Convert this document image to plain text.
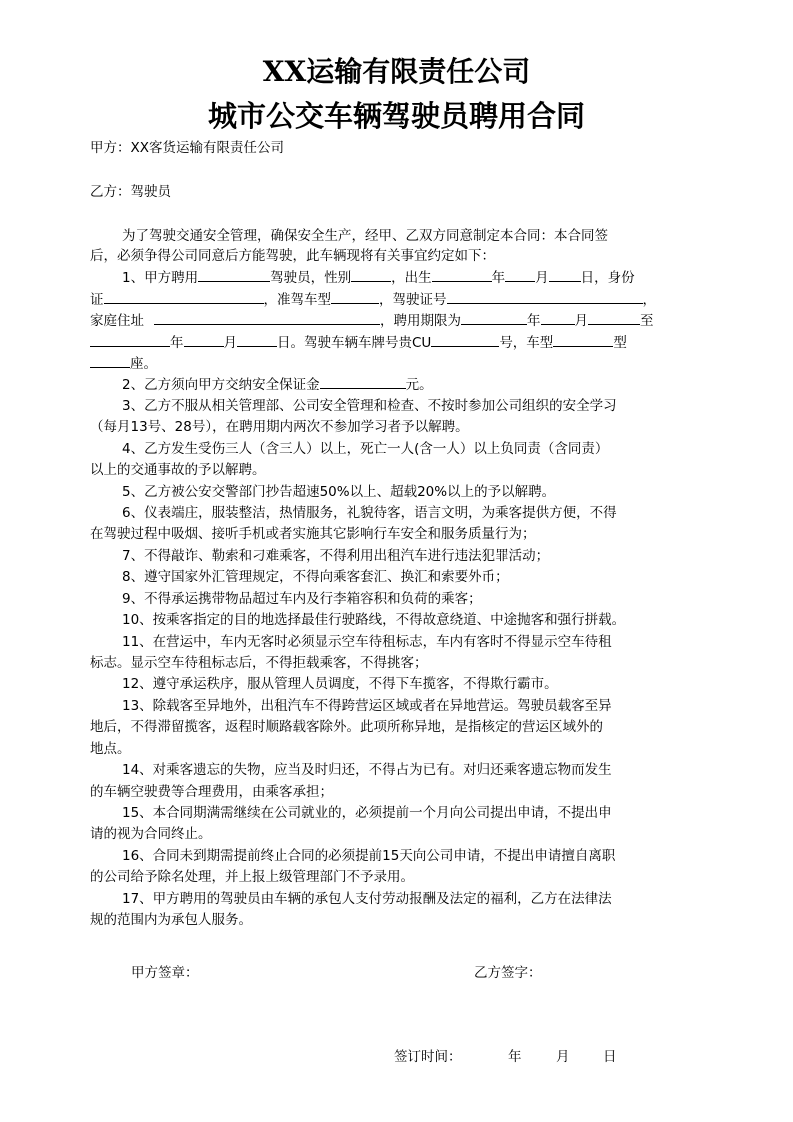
XX运输有限责任公司
城市公交车辆驾驶员聘用合同
甲方：XX客货运输有限责任公司
乙方：驾驶员
为了驾驶交通安全管理，确保安全生产，经甲、乙双方同意制定本合同：本合同签
后，必须争得公司同意后方能驾驶，此车辆现将有关事宜约定如下：
1、甲方聘用	驾驶员，性别	，出生	年 月 日，身份
证	，准驾车型	，驾驶证号	，
家庭住址	，聘用期限为	年	月	至
年	月	日。驾驶车辆车牌号贵CU	号，车型	型
座。
2、乙方须向甲方交纳安全保证金	元。
3、乙方不服从相关管理部、公司安全管理和检查、不按时参加公司组织的安全学习
（每月13号、28号），在聘用期内两次不参加学习者予以解聘。
4、乙方发生受伤三人（含三人）以上，死亡一人(含一人）以上负同责（含同责）
以上的交通事故的予以解聘。
5、乙方被公安交警部门抄告超速50%以上、超载20%以上的予以解聘。
6、仪表端庄，服装整洁，热情服务，礼貌待客，语言文明，为乘客提供方便，不得
在驾驶过程中吸烟、接听手机或者实施其它影响行车安全和服务质量行为；
7、不得敲诈、勒索和刁难乘客，不得利用出租汽车进行违法犯罪活动；
8、遵守国家外汇管理规定，不得向乘客套汇、换汇和索要外币；
9、不得承运携带物品超过车内及行李箱容积和负荷的乘客；
10、按乘客指定的目的地选择最佳行驶路线，不得故意绕道、中途抛客和强行拼载。
11、在营运中，车内无客时必须显示空车待租标志，车内有客时不得显示空车待租
标志。显示空车待租标志后，不得拒载乘客，不得挑客；
12、遵守承运秩序，服从管理人员调度，不得下车揽客，不得欺行霸市。
13、除载客至异地外，出租汽车不得跨营运区域或者在异地营运。驾驶员载客至异
地后，不得滞留揽客，返程时顺路载客除外。此项所称异地，是指核定的营运区域外的
地点。
14、对乘客遗忘的失物，应当及时归还，不得占为已有。对归还乘客遗忘物而发生
的车辆空驶费等合理费用，由乘客承担；
15、本合同期满需继续在公司就业的，必须提前一个月向公司提出申请，不提出申
请的视为合同终止。
16、合同未到期需提前终止合同的必须提前15天向公司申请，不提出申请擅自离职
的公司给予除名处理，并上报上级管理部门不予录用。
17、甲方聘用的驾驶员由车辆的承包人支付劳动报酬及法定的福利，乙方在法律法
规的范围内为承包人服务。
甲方签章：	乙方签字：
签订时间：	年	月 日
